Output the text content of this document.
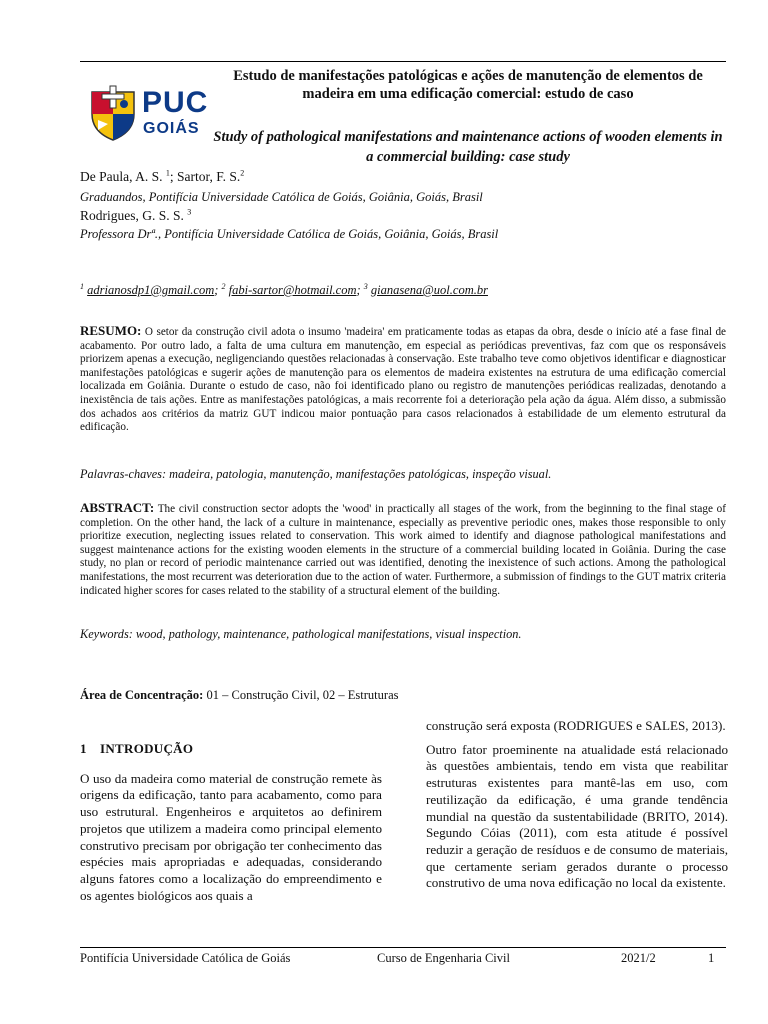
PUC
GOIÁS
Estudo de manifestações patológicas e ações de manutenção de elementos de madeira em uma edificação comercial: estudo de caso
Study of pathological manifestations and maintenance actions of wooden elements in a commercial building: case study
De Paula, A. S. $^1$; Sartor, F. S.$^2$
Graduandos, Pontifícia Universidade Católica de Goiás, Goiânia, Goiás, Brasil
Rodrigues, G. S. S. $^3$
Professora Drª., Pontifícia Universidade Católica de Goiás, Goiânia, Goiás, Brasil
$^1$ adrianosdp1@gmail.com; $^2$ fabi-sartor@hotmail.com; $^3$ gianasena@uol.com.br
RESUMO: O setor da construção civil adota o insumo 'madeira' em praticamente todas as etapas da obra, desde o início até a fase final de acabamento. Por outro lado, a falta de uma cultura em manutenção, em especial as periódicas preventivas, faz com que os responsáveis priorizem apenas a execução, negligenciando questões relacionadas à conservação. Este trabalho teve como objetivos identificar e diagnosticar manifestações patológicas e sugerir ações de manutenção para os elementos de madeira existentes na estrutura de uma edificação comercial localizada em Goiânia. Durante o estudo de caso, não foi identificado plano ou registro de manutenções periódicas realizadas, denotando a inexistência de tais ações. Entre as manifestações patológicas, a mais recorrente foi a deterioração pela ação da água. Além disso, a submissão dos achados aos critérios da matriz GUT indicou maior pontuação para casos relacionados à estabilidade de um elemento estrutural da edificação.
Palavras-chaves: madeira, patologia, manutenção, manifestações patológicas, inspeção visual.
ABSTRACT: The civil construction sector adopts the 'wood' in practically all stages of the work, from the beginning to the final stage of completion. On the other hand, the lack of a culture in maintenance, especially as preventive periodic ones, makes those responsible to only prioritize execution, neglecting issues related to conservation. This work aimed to identify and diagnose pathological manifestations and suggest maintenance actions for the existing wooden elements in the structure of a commercial building located in Goiânia. During the case study, no plan or record of periodic maintenance carried out was identified, denoting the inexistence of such actions. Among the pathological manifestations, the most recurrent was deterioration due to the action of water. Furthermore, a submission of findings to the GUT matrix criteria indicated higher scores for cases related to the stability of a structural element of the building.
Keywords: wood, pathology, maintenance, pathological manifestations, visual inspection.
Área de Concentração: 01 – Construção Civil, 02 – Estruturas
1 INTRODUÇÃO

O uso da madeira como material de construção remete às origens da edificação, tanto para acabamento, como para uso estrutural. Engenheiros e arquitetos ao definirem projetos que utilizem a madeira como principal elemento construtivo precisam por obrigação ter conhecimento das espécies mais apropriadas e adequadas, considerando alguns fatores como a localização do empreendimento e os agentes biológicos aos quais a

construção será exposta (RODRIGUES e SALES, 2013).

Outro fator proeminente na atualidade está relacionado às questões ambientais, tendo em vista que reabilitar estruturas existentes para mantê-las em uso, com reutilização da edificação, é uma grande tendência mundial na questão da sustentabilidade (BRITO, 2014). Segundo Cóias (2011), com esta atitude é possível reduzir a geração de resíduos e de consumo de materiais, que certamente seriam gerados durante o processo construtivo de uma nova edificação no local da existente.

Pontifícia Universidade Católica de Goiás	Curso de Engenharia Civil	2021/2	1
